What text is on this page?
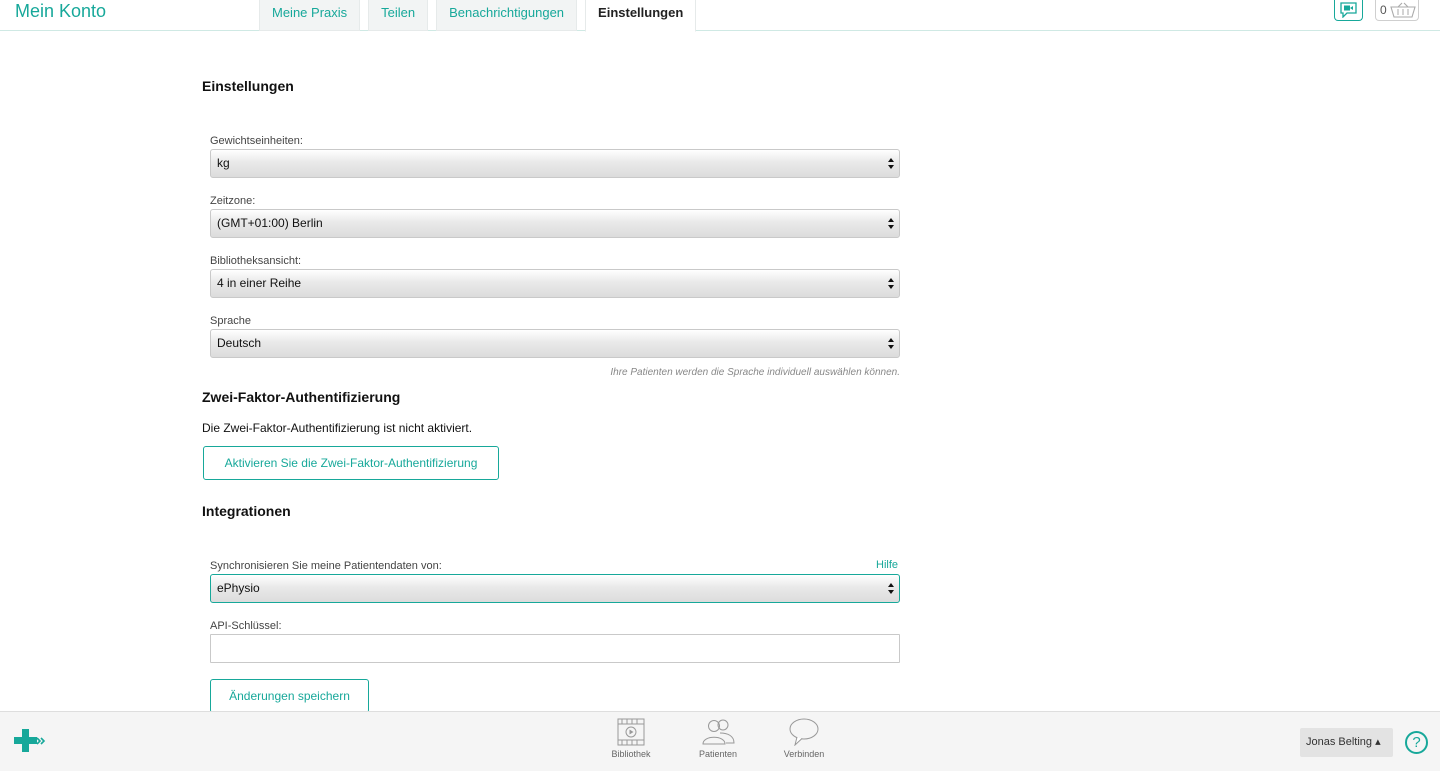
Mein Konto	Meine Praxis	Teilen	Benachrichtigungen	Einstellungen	0
Einstellungen
Gewichtseinheiten:
kg
Zeitzone:
(GMT+01:00) Berlin
Bibliotheksansicht:
4 in einer Reihe
Sprache
Deutsch
Ihre Patienten werden die Sprache individuell auswählen können.
Zwei-Faktor-Authentifizierung
Die Zwei-Faktor-Authentifizierung ist nicht aktiviert.
Aktivieren Sie die Zwei-Faktor-Authentifizierung
Integrationen
Synchronisieren Sie meine Patientendaten von:	Hilfe
ePhysio
API-Schlüssel:
Änderungen speichern
Bibliothek	Patienten	Verbinden
Jonas Belting ▴	?
